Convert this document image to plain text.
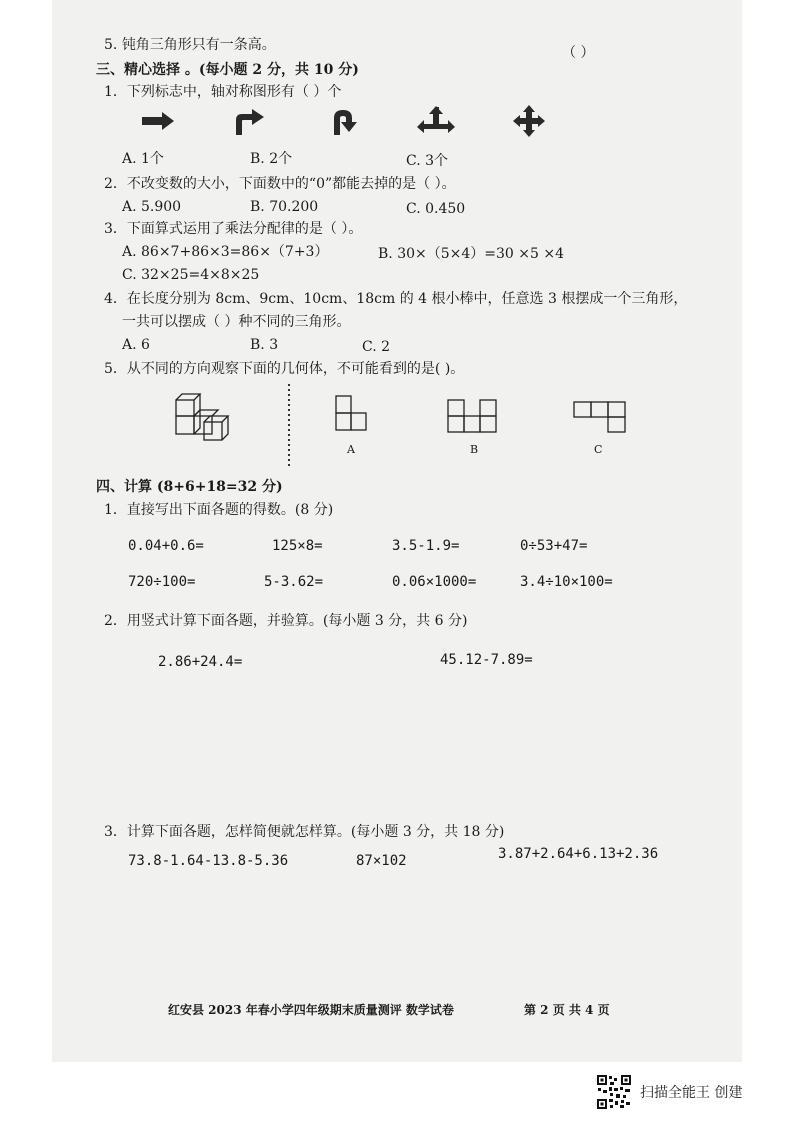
5. 钝角三角形只有一条高。	（ ）
三、精心选择 。(每小题 2 分，共 10 分)
1．下列标志中，轴对称图形有（ ）个
A. 1个	B. 2个	C. 3个
2．不改变数的大小，下面数中的“0”都能去掉的是（ ）。
A. 5.900	B. 70.200	C. 0.450
3．下面算式运用了乘法分配律的是（ ）。
A. 86×7+86×3=86×（7+3）	B. 30×（5×4）=30 ×5 ×4
C. 32×25=4×8×25
4．在长度分别为 8cm、9cm、10cm、18cm 的 4 根小棒中，任意选 3 根摆成一个三角形，
一共可以摆成（ ）种不同的三角形。
A. 6	B. 3	C. 2
5．从不同的方向观察下面的几何体，不可能看到的是( )。
A	B	C
四、计算 (8+6+18=32 分)
1．直接写出下面各题的得数。(8 分)
0.04+0.6=	125×8=	3.5-1.9=	0÷53+47=
720÷100=	5-3.62=	0.06×1000=	3.4÷10×100=
2．用竖式计算下面各题，并验算。(每小题 3 分，共 6 分)
2.86+24.4=	45.12-7.89=
3．计算下面各题，怎样简便就怎样算。(每小题 3 分，共 18 分)
73.8-1.64-13.8-5.36	87×102	3.87+2.64+6.13+2.36
红安县 2023 年春小学四年级期末质量测评 数学试卷	第 2 页 共 4 页
扫描全能王 创建
